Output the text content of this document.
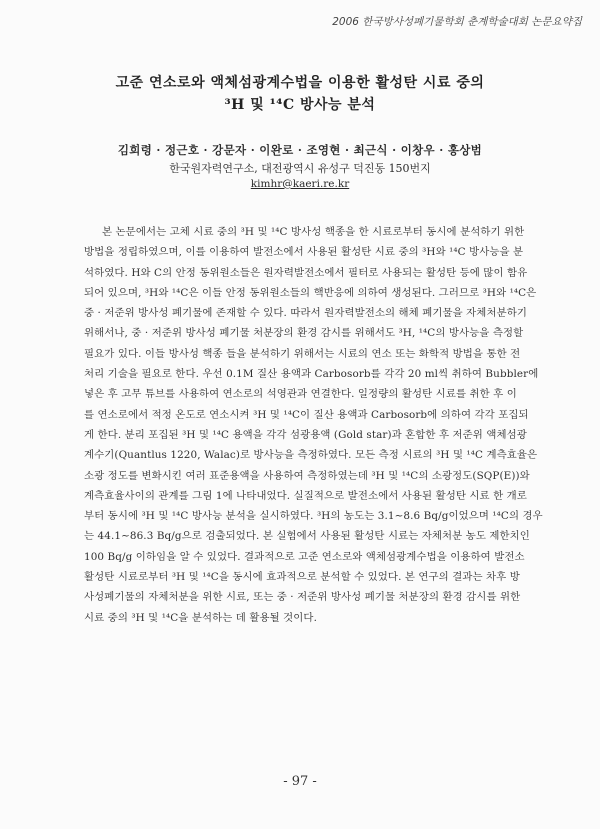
2006 한국방사성폐기물학회 춘계학술대회 논문요약집
고준 연소로와 액체섬광계수법을 이용한 활성탄 시료 중의
³H 및 ¹⁴C 방사능 분석
김희령 · 정근호 · 강문자 · 이완로 · 조영현 · 최근식 · 이창우 · 홍상범
한국원자력연구소, 대전광역시 유성구 덕진동 150번지
kimhr@kaeri.re.kr
본 논문에서는 고체 시료 중의 ³H 및 ¹⁴C 방사성 핵종을 한 시료로부터 동시에 분석하기 위한
방법을 정립하였으며, 이를 이용하여 발전소에서 사용된 활성탄 시료 중의 ³H와 ¹⁴C 방사능을 분
석하였다. H와 C의 안정 동위원소들은 원자력발전소에서 필터로 사용되는 활성탄 등에 많이 함유
되어 있으며, ³H와 ¹⁴C은 이들 안정 동위원소들의 핵반응에 의하여 생성된다. 그러므로 ³H와 ¹⁴C은
중 · 저준위 방사성 폐기물에 존재할 수 있다. 따라서 원자력발전소의 해체 폐기물을 자체처분하기
위해서나, 중 · 저준위 방사성 폐기물 처분장의 환경 감시를 위해서도 ³H, ¹⁴C의 방사능을 측정할
필요가 있다. 이들 방사성 핵종 들을 분석하기 위해서는 시료의 연소 또는 화학적 방법을 통한 전
처리 기술을 필요로 한다. 우선 0.1M 질산 용액과 Carbosorb를 각각 20 ml씩 취하여 Bubbler에
넣은 후 고무 튜브를 사용하여 연소로의 석영관과 연결한다. 일정량의 활성탄 시료를 취한 후 이
를 연소로에서 적정 온도로 연소시켜 ³H 및 ¹⁴C이 질산 용액과 Carbosorb에 의하여 각각 포집되
게 한다. 분리 포집된 ³H 및 ¹⁴C 용액을 각각 섬광용액 (Gold star)과 혼합한 후 저준위 액체섬광
계수기(Quantlus 1220, Walac)로 방사능을 측정하였다. 모든 측정 시료의 ³H 및 ¹⁴C 계측효율은
소광 정도를 변화시킨 여러 표준용액을 사용하여 측정하였는데 ³H 및 ¹⁴C의 소광정도(SQP(E))와
계측효율사이의 관계를 그림 1에 나타내었다. 실질적으로 발전소에서 사용된 활성탄 시료 한 개로
부터 동시에 ³H 및 ¹⁴C 방사능 분석을 실시하였다. ³H의 농도는 3.1∼8.6 Bq/g이었으며 ¹⁴C의 경우
는 44.1∼86.3 Bq/g으로 검출되었다. 본 실험에서 사용된 활성탄 시료는 자체처분 농도 제한치인
100 Bq/g 이하임을 알 수 있었다. 결과적으로 고준 연소로와 액체섬광계수법을 이용하여 발전소
활성탄 시료로부터 ³H 및 ¹⁴C을 동시에 효과적으로 분석할 수 있었다. 본 연구의 결과는 차후 방
사성폐기물의 자체처분을 위한 시료, 또는 중 · 저준위 방사성 폐기물 처분장의 환경 감시를 위한
시료 중의 ³H 및 ¹⁴C을 분석하는 데 활용될 것이다.
- 97 -
